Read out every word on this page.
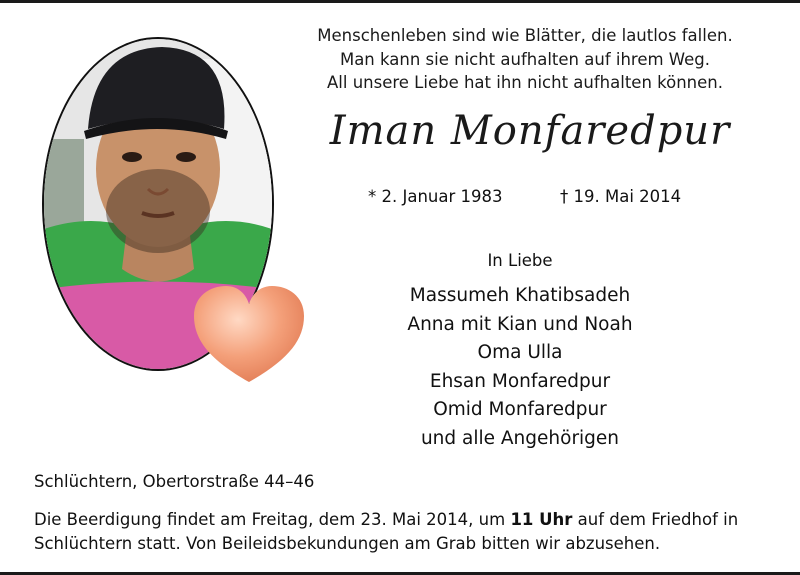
Menschenleben sind wie Blätter, die lautlos fallen.
Man kann sie nicht aufhalten auf ihrem Weg.
All unsere Liebe hat ihn nicht aufhalten können.
Iman Monfaredpur
* 2. Januar 1983	† 19. Mai 2014
In Liebe
Massumeh Khatibsadeh
Anna mit Kian und Noah
Oma Ulla
Ehsan Monfaredpur
Omid Monfaredpur
und alle Angehörigen
Schlüchtern, Obertorstraße 44–46
Die Beerdigung findet am Freitag, dem 23. Mai 2014, um 11 Uhr auf dem Friedhof in
Schlüchtern statt. Von Beileidsbekundungen am Grab bitten wir abzusehen.
